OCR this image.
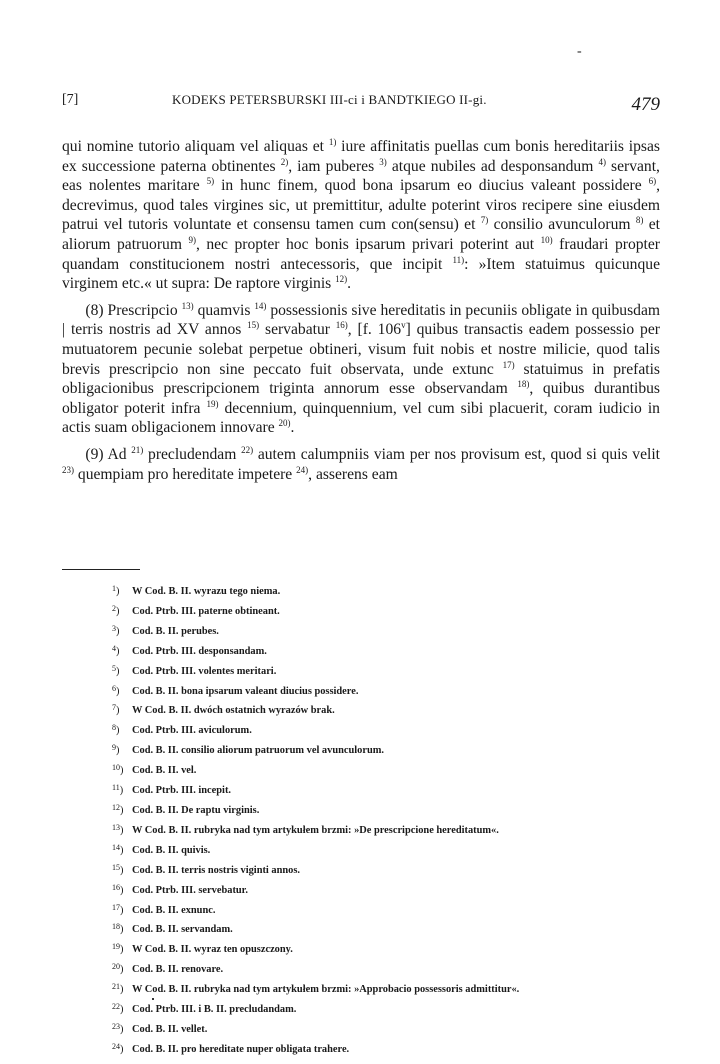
-
[7]	KODEKS PETERSBURSKI III-ci i BANDTKIEGO II-gi.	479

qui nomine tutorio aliquam vel aliquas et $^{1)}$ iure affinitatis puellas cum bonis hereditariis ipsas ex successione paterna obtinentes $^{2)}$, iam puberes $^{3)}$ atque nubiles ad desponsandum $^{4)}$ servant, eas nolentes maritare $^{5)}$ in hunc finem, quod bona ipsarum eo diucius valeant possidere $^{6)}$, decrevimus, quod tales virgines sic, ut premittitur, adulte poterint viros recipere sine eiusdem patrui vel tutoris voluntate et consensu tamen cum con(sensu) et $^{7)}$ consilio avunculorum $^{8)}$ et aliorum patruorum $^{9)}$, nec propter hoc bonis ipsarum privari poterint aut $^{10)}$ fraudari propter quandam constitucionem nostri antecessoris, que incipit $^{11)}$: »Item statuimus quicunque virginem etc.« ut supra: De raptore virginis $^{12)}$.

  (8) Prescripcio $^{13)}$ quamvis $^{14)}$ possessionis sive hereditatis in pecuniis obligate in quibusdam | terris nostris ad XV annos $^{15)}$ servabatur $^{16)}$, [f. 106$^v$] quibus transactis eadem possessio per mutuatorem pecunie solebat perpetue obtineri, visum fuit nobis et nostre milicie, quod talis brevis prescripcio non sine peccato fuit observata, unde extunc $^{17)}$ statuimus in prefatis obligacionibus prescripcionem triginta annorum esse observandam $^{18)}$, quibus durantibus obligator poterit infra $^{19)}$ decennium, quinquennium, vel cum sibi placuerit, coram iudicio in actis suam obligacionem innovare $^{20)}$.

  (9) Ad $^{21)}$ precludendam $^{22)}$ autem calumpniis viam per nos provisum est, quod si quis velit $^{23)}$ quempiam pro hereditate impetere $^{24)}$, asserens eam

$^1$) W Cod. B. II. wyrazu tego niema.
$^2$) Cod. Ptrb. III. paterne obtineant.
$^3$) Cod. B. II. perubes.
$^4$) Cod. Ptrb. III. desponsandam.
$^5$) Cod. Ptrb. III. volentes meritari.
$^6$) Cod. B. II. bona ipsarum valeant diucius possidere.
$^7$) W Cod. B. II. dwóch ostatnich wyrazów brak.
$^8$) Cod. Ptrb. III. aviculorum.
$^9$) Cod. B. II. consilio aliorum patruorum vel avunculorum.
$^{10}$) Cod. B. II. vel.
$^{11}$) Cod. Ptrb. III. incepit.
$^{12}$) Cod. B. II. De raptu virginis.
$^{13}$) W Cod. B. II. rubryka nad tym artykułem brzmi: »De prescripcione hereditatum«.
$^{14}$) Cod. B. II. quivis.
$^{15}$) Cod. B. II. terris nostris viginti annos.
$^{16}$) Cod. Ptrb. III. servebatur.
$^{17}$) Cod. B. II. exnunc.
$^{18}$) Cod. B. II. servandam.
$^{19}$) W Cod. B. II. wyraz ten opuszczony.
$^{20}$) Cod. B. II. renovare.
$^{21}$) W Cod. B. II. rubryka nad tym artykułem brzmi: »Approbacio possessoris admittitur«.
$^{22}$) Cod. Ptrb. III. i B. II. precludandam.
$^{23}$) Cod. B. II. vellet.
$^{24}$) Cod. B. II. pro hereditate nuper obligata trahere.
